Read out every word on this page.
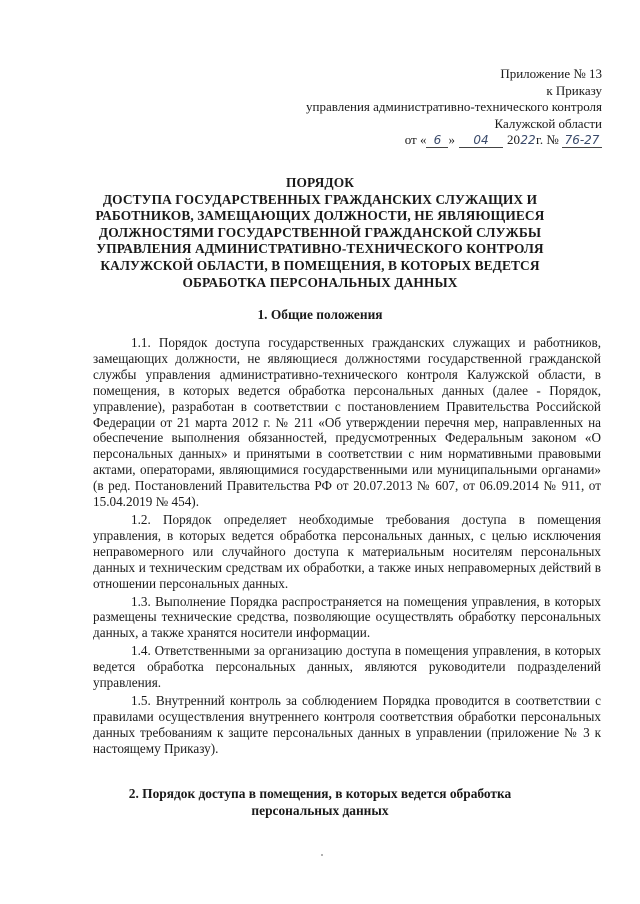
Приложение № 13
к Приказу
управления административно-технического контроля
Калужской области
от « 6 » 04 2022г. № 76-27
ПОРЯДОК
ДОСТУПА ГОСУДАРСТВЕННЫХ ГРАЖДАНСКИХ СЛУЖАЩИХ И
РАБОТНИКОВ, ЗАМЕЩАЮЩИХ ДОЛЖНОСТИ, НЕ ЯВЛЯЮЩИЕСЯ
ДОЛЖНОСТЯМИ ГОСУДАРСТВЕННОЙ ГРАЖДАНСКОЙ СЛУЖБЫ
УПРАВЛЕНИЯ АДМИНИСТРАТИВНО-ТЕХНИЧЕСКОГО КОНТРОЛЯ
КАЛУЖСКОЙ ОБЛАСТИ, В ПОМЕЩЕНИЯ, В КОТОРЫХ ВЕДЕТСЯ
ОБРАБОТКА ПЕРСОНАЛЬНЫХ ДАННЫХ
1. Общие положения

1.1. Порядок доступа государственных гражданских служащих и работников, замещающих должности, не являющиеся должностями государственной гражданской службы управления административно-технического контроля Калужской области, в помещения, в которых ведется обработка персональных данных (далее - Порядок, управление), разработан в соответствии с постановлением Правительства Российской Федерации от 21 марта 2012 г. № 211 «Об утверждении перечня мер, направленных на обеспечение выполнения обязанностей, предусмотренных Федеральным законом «О персональных данных» и принятыми в соответствии с ним нормативными правовыми актами, операторами, являющимися государственными или муниципальными органами» (в ред. Постановлений Правительства РФ от 20.07.2013 № 607, от 06.09.2014 № 911, от 15.04.2019 № 454).

1.2. Порядок определяет необходимые требования доступа в помещения управления, в которых ведется обработка персональных данных, с целью исключения неправомерного или случайного доступа к материальным носителям персональных данных и техническим средствам их обработки, а также иных неправомерных действий в отношении персональных данных.

1.3. Выполнение Порядка распространяется на помещения управления, в которых размещены технические средства, позволяющие осуществлять обработку персональных данных, а также хранятся носители информации.

1.4. Ответственными за организацию доступа в помещения управления, в которых ведется обработка персональных данных, являются руководители подразделений управления.

1.5. Внутренний контроль за соблюдением Порядка проводится в соответствии с правилами осуществления внутреннего контроля соответствия обработки персональных данных требованиям к защите персональных данных в управлении (приложение № 3 к настоящему Приказу).

2. Порядок доступа в помещения, в которых ведется обработка
персональных данных
